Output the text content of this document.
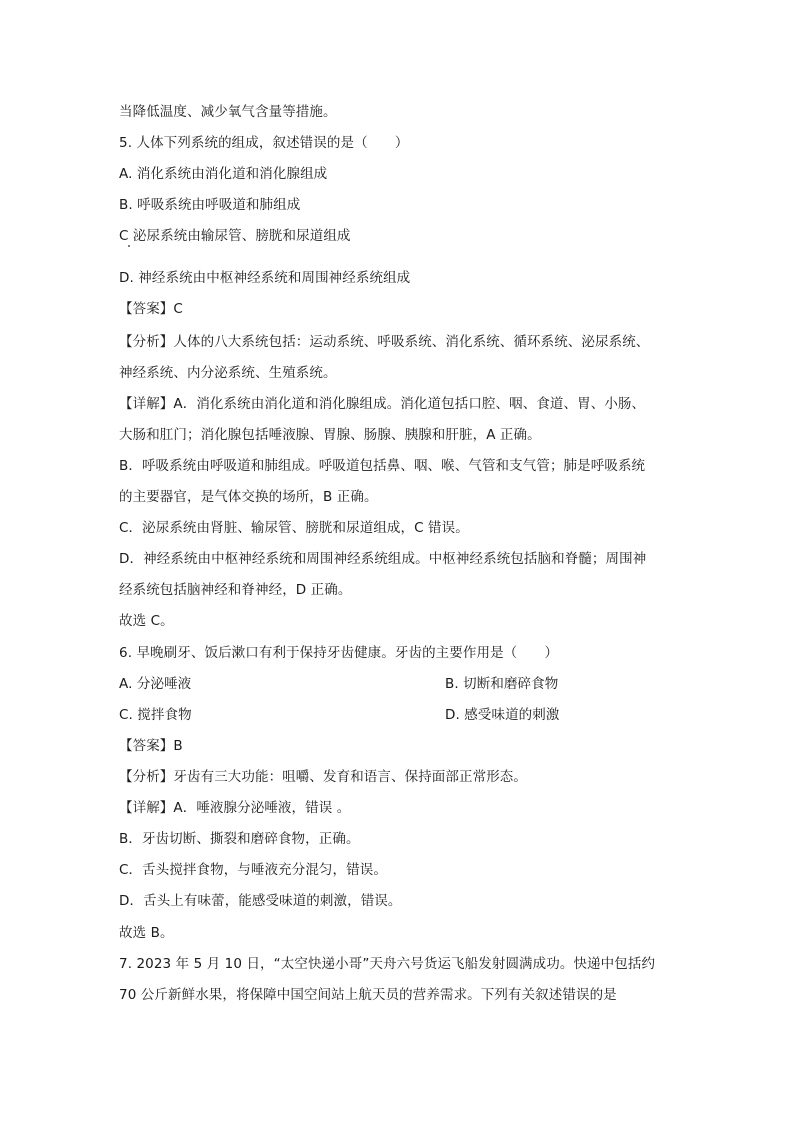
当降低温度、减少氧气含量等措施。
5. 人体下列系统的组成，叙述错误的是（　　）
A. 消化系统由消化道和消化腺组成
B. 呼吸系统由呼吸道和肺组成
C 泌尿系统由输尿管、膀胱和尿道组成
D. 神经系统由中枢神经系统和周围神经系统组成
【答案】C
【分析】人体的八大系统包括：运动系统、呼吸系统、消化系统、循环系统、泌尿系统、
神经系统、内分泌系统、生殖系统。
【详解】A．消化系统由消化道和消化腺组成。消化道包括口腔、咽、食道、胃、小肠、
大肠和肛门；消化腺包括唾液腺、胃腺、肠腺、胰腺和肝脏，A 正确。
B．呼吸系统由呼吸道和肺组成。呼吸道包括鼻、咽、喉、气管和支气管；肺是呼吸系统
的主要器官，是气体交换的场所，B 正确。
C．泌尿系统由肾脏、输尿管、膀胱和尿道组成，C 错误。
D．神经系统由中枢神经系统和周围神经系统组成。中枢神经系统包括脑和脊髓；周围神
经系统包括脑神经和脊神经，D 正确。
故选 C。
6. 早晚刷牙、饭后漱口有利于保持牙齿健康。牙齿的主要作用是（　　）
A. 分泌唾液	B. 切断和磨碎食物
C. 搅拌食物	D. 感受味道的刺激
【答案】B
【分析】牙齿有三大功能：咀嚼、发育和语言、保持面部正常形态。
【详解】A．唾液腺分泌唾液，错误 。
B．牙齿切断、撕裂和磨碎食物，正确。
C．舌头搅拌食物，与唾液充分混匀，错误。
D．舌头上有味蕾，能感受味道的刺激，错误。
故选 B。
7. 2023 年 5 月 10 日，“太空快递小哥”天舟六号货运飞船发射圆满成功。快递中包括约
70 公斤新鲜水果，将保障中国空间站上航天员的营养需求。下列有关叙述错误的是
